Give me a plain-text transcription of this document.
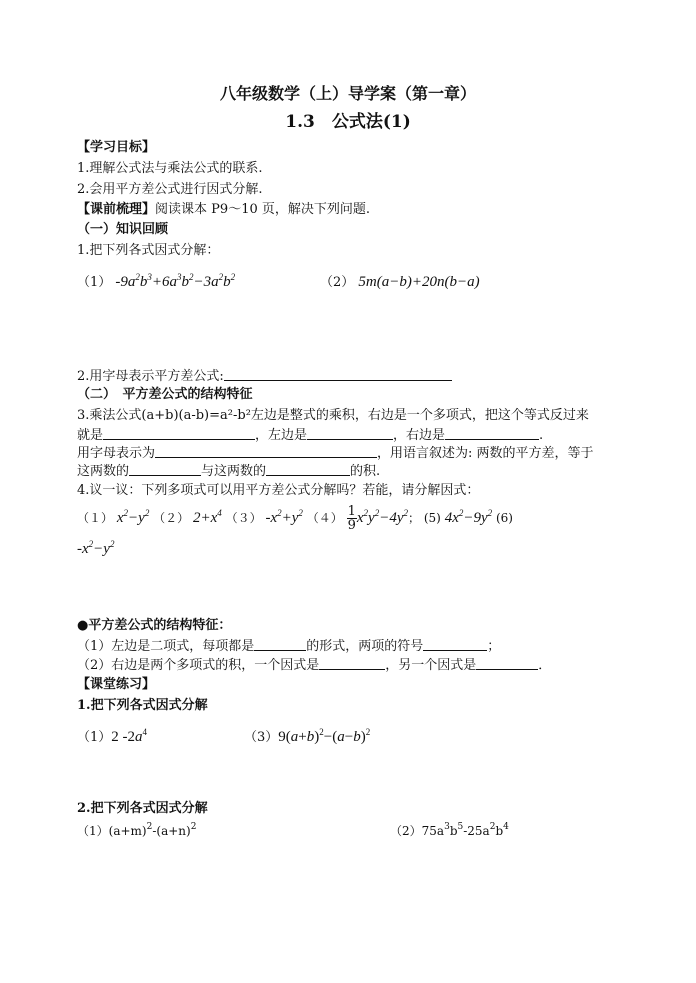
八年级数学（上）导学案（第一章）
1.3　公式法(1)
【学习目标】
1.理解公式法与乘法公式的联系.
2.会用平方差公式进行因式分解.
【课前梳理】阅读课本 P9～10 页，解决下列问题.
（一）知识回顾
1.把下列各式因式分解：
（1） $-9a^2b^3+6a^3b^2-3a^2b^2$	（2） 5m(a−b)+20n(b−a)
2.用字母表示平方差公式:
（二）　平方差公式的结构特征
3.乘法公式(a+b)(a-b)=a²-b²左边是整式的乘积，右边是一个多项式，把这个等式反过来
就是	，左边是	，右边是	.
用字母表示为	，用语言叙述为: 两数的平方差，等于
这两数的	与这两数的	的积.
4.议一议：下列多项式可以用平方差公式分解吗？若能，请分解因式：
（１） $x^2-y^2$ （２） $2+x^4$ （３） $-x^2+y^2$ $(4) \frac{1}{9} x^2y^2-4y^2$； (5) $4x^2-9y^2$ (6)
$-x^2-y^2$
●平方差公式的结构特征：
（1）左边是二项式，每项都是	的形式，两项的符号	；
（2）右边是两个多项式的积，一个因式是	，另一个因式是	．
【课堂练习】
1.把下列各式因式分解
（1）2 $-2a^4$	$(3)9(a+b)^2-(a-b)^2$
2.把下列各式因式分解
$(1)(a+m)^2-(a+n)^2$	$(2)75a^3b^5-25a^2b^4$
